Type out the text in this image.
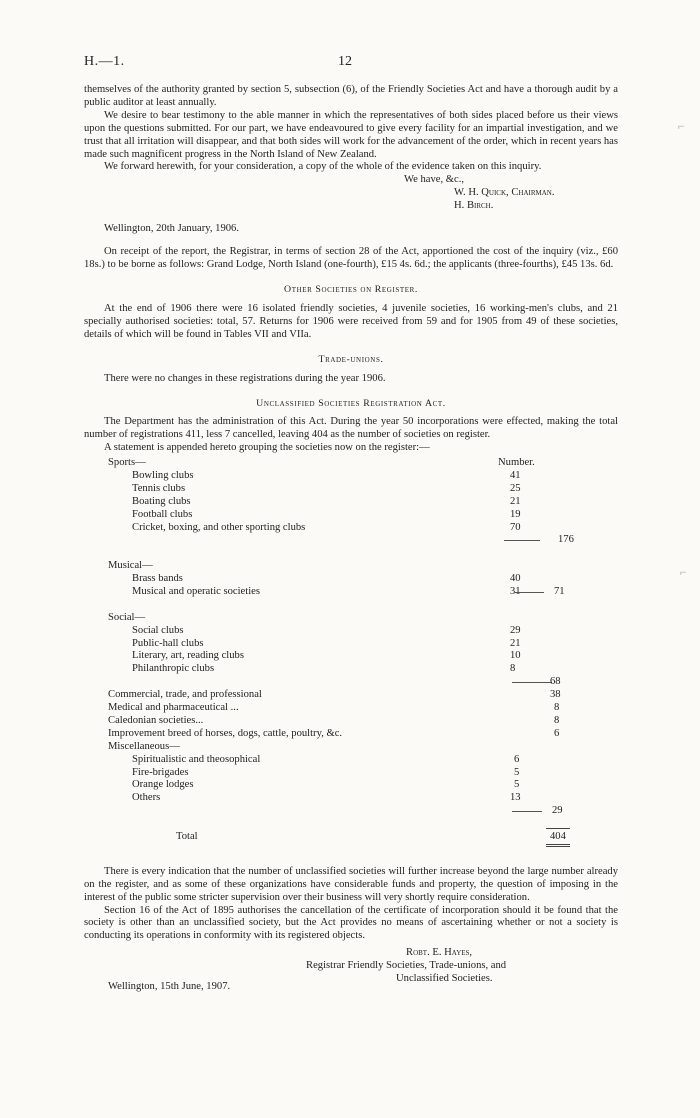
H.—1.	12

themselves of the authority granted by section 5, subsection (6), of the Friendly Societies Act and have a thorough audit by a public auditor at least annually.

We desire to bear testimony to the able manner in which the representatives of both sides placed before us their views upon the questions submitted. For our part, we have endeavoured to give every facility for an impartial investigation, and we trust that all irritation will disappear, and that both sides will work for the advancement of the order, which in recent years has made such magnificent progress in the North Island of New Zealand.

We forward herewith, for your consideration, a copy of the whole of the evidence taken on this inquiry.

We have, &c.,
W. H. Quick, Chairman.
H. Birch.

Wellington, 20th January, 1906.

On receipt of the report, the Registrar, in terms of section 28 of the Act, apportioned the cost of the inquiry (viz., £60 18s.) to be borne as follows: Grand Lodge, North Island (one-fourth), £15 4s. 6d.; the applicants (three-fourths), £45 13s. 6d.

Other Societies on Register.

At the end of 1906 there were 16 isolated friendly societies, 4 juvenile societies, 16 working-men's clubs, and 21 specially authorised societies: total, 57. Returns for 1906 were received from 59 and for 1905 from 49 of these societies, details of which will be found in Tables VII and VIIa.

Trade-unions.

There were no changes in these registrations during the year 1906.

Unclassified Societies Registration Act.

The Department has the administration of this Act. During the year 50 incorporations were effected, making the total number of registrations 411, less 7 cancelled, leaving 404 as the number of societies on register.

A statement is appended hereto grouping the societies now on the register:—

Sports—	Number.
Bowling clubs	41
Tennis clubs	25
Boating clubs	21
Football clubs	19
Cricket, boxing, and other sporting clubs	70
176
Musical—
Brass bands	40
Musical and operatic societies	31	71
Social—
Social clubs	29
Public-hall clubs	21
Literary, art, reading clubs	10
Philanthropic clubs	8
68
Commercial, trade, and professional	38
Medical and pharmaceutical ...	8
Caledonian societies...	8
Improvement breed of horses, dogs, cattle, poultry, &c.	6
Miscellaneous—
Spiritualistic and theosophical	6
Fire-brigades	5
Orange lodges	5
Others	13
29
Total	404

There is every indication that the number of unclassified societies will further increase beyond the large number already on the register, and as some of these organizations have considerable funds and property, the question of imposing in the interest of the public some stricter supervision over their business will very shortly require consideration.

Section 16 of the Act of 1895 authorises the cancellation of the certificate of incorporation should it be found that the society is other than an unclassified society, but the Act provides no means of ascertaining whether or not a society is conducting its operations in conformity with its registered objects.

Robt. E. Hayes,
Registrar Friendly Societies, Trade-unions, and
Unclassified Societies.
Wellington, 15th June, 1907.
⌐
⌐
